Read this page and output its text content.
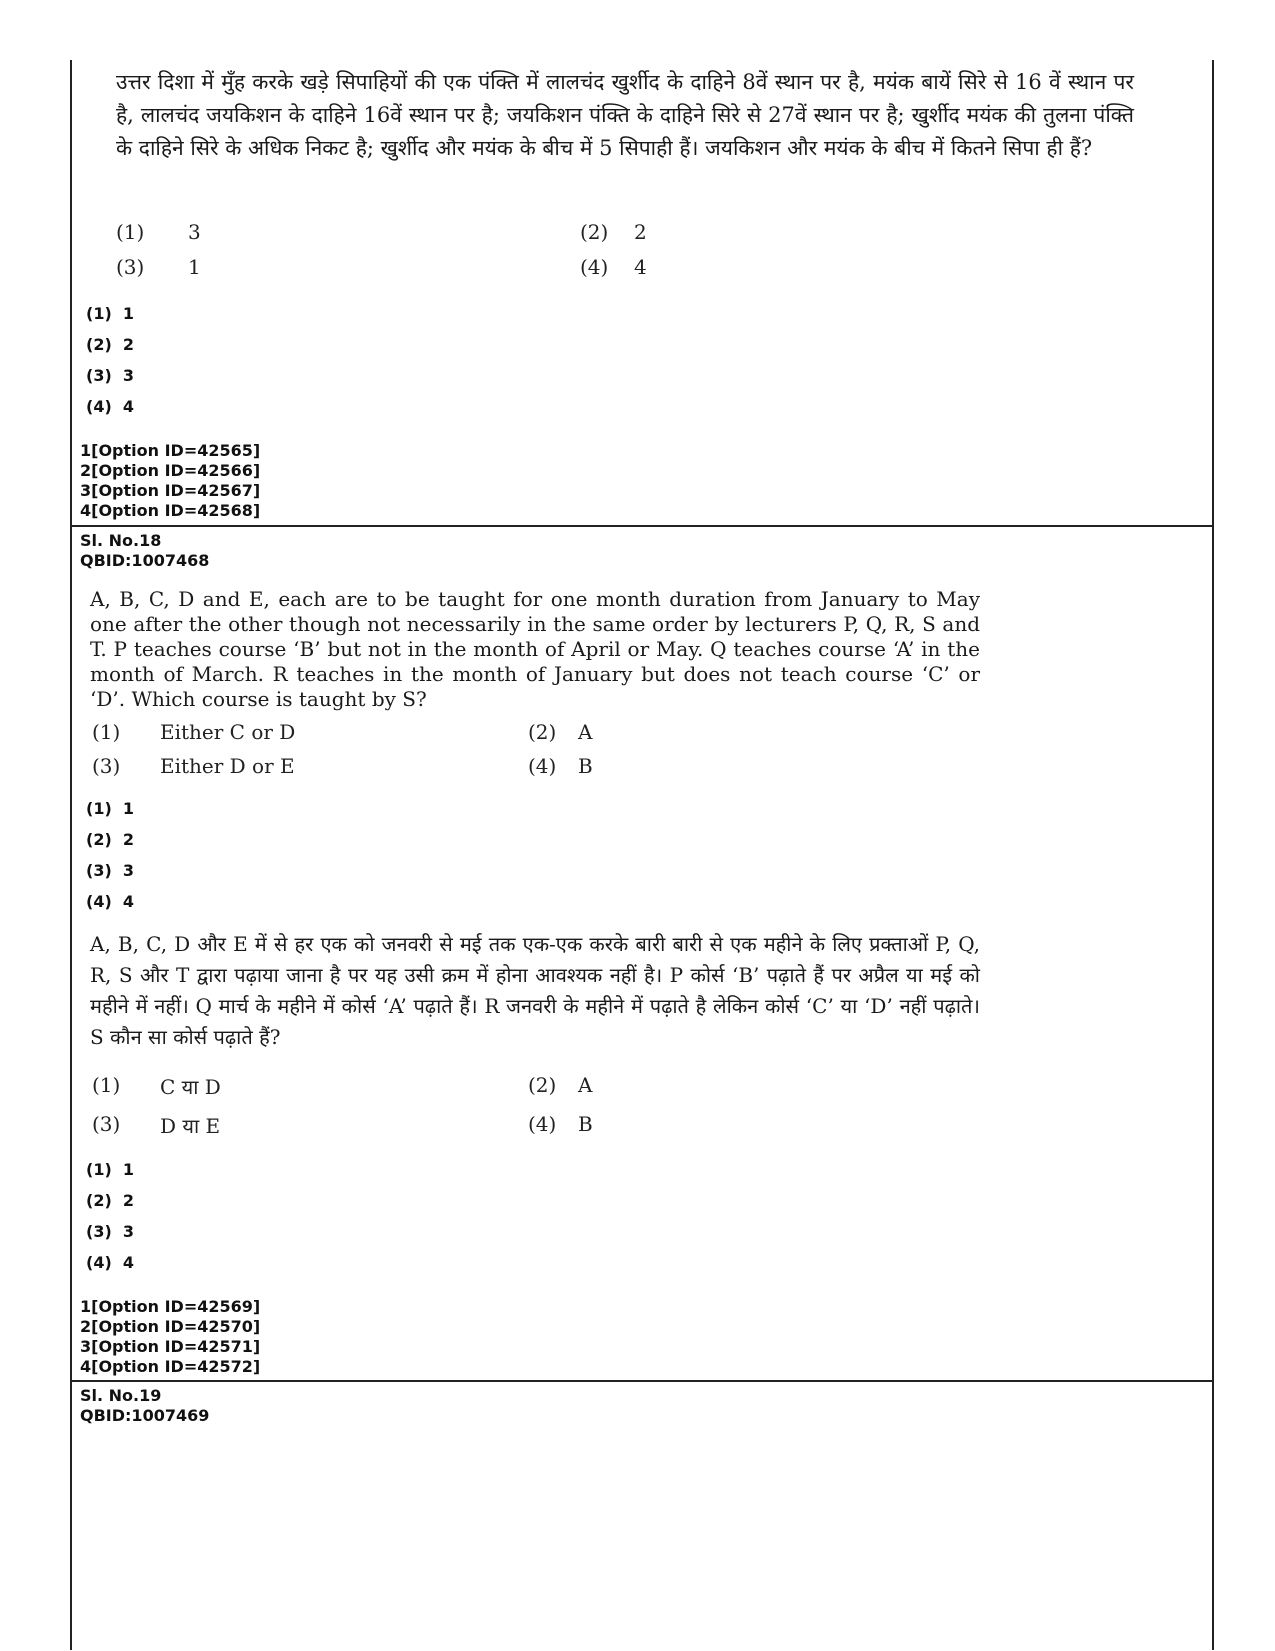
उत्तर दिशा में मुँह करके खड़े सिपाहियों की एक पंक्ति में लालचंद खुर्शीद के दाहिने 8वें स्थान पर है, मयंक बायें सिरे से 16 वें स्थान पर है, लालचंद जयकिशन के दाहिने 16वें स्थान पर है; जयकिशन पंक्ति के दाहिने सिरे से 27वें स्थान पर है; खुर्शीद मयंक की तुलना पंक्ति के दाहिने सिरे के अधिक निकट है; खुर्शीद और मयंक के बीच में 5 सिपाही हैं। जयकिशन और मयंक के बीच में कितने सिपा ही हैं?

(1) 3	(2) 2
(3) 1	(4) 4
(1)  1
(2)  2
(3)  3
(4)  4
1[Option ID=42565]
2[Option ID=42566]
3[Option ID=42567]
4[Option ID=42568]
Sl. No.18
QBID:1007468

A, B, C, D and E, each are to be taught for one month duration from January to May one after the other though not necessarily in the same order by lecturers P, Q, R, S and T. P teaches course ‘B’ but not in the month of April or May. Q teaches course ‘A’ in the month of March. R teaches in the month of January but does not teach course ‘C’ or ‘D’. Which course is taught by S?

(1) Either C or D	(2) A
(3) Either D or E	(4) B
(1)  1
(2)  2
(3)  3
(4)  4

A, B, C, D और E में से हर एक को जनवरी से मई तक एक-एक करके बारी बारी से एक महीने के लिए प्रक्ताओं P, Q, R, S और T द्वारा पढ़ाया जाना है पर यह उसी क्रम में होना आवश्यक नहीं है। P कोर्स ‘B’ पढ़ाते हैं पर अप्रैल या मई को महीने में नहीं। Q मार्च के महीने में कोर्स ‘A’ पढ़ाते हैं। R जनवरी के महीने में पढ़ाते है लेकिन कोर्स ‘C’ या ‘D’ नहीं पढ़ाते। S कौन सा कोर्स पढ़ाते हैं?

(1) C या D	(2) A
(3) D या E	(4) B
(1)  1
(2)  2
(3)  3
(4)  4
1[Option ID=42569]
2[Option ID=42570]
3[Option ID=42571]
4[Option ID=42572]
Sl. No.19
QBID:1007469
